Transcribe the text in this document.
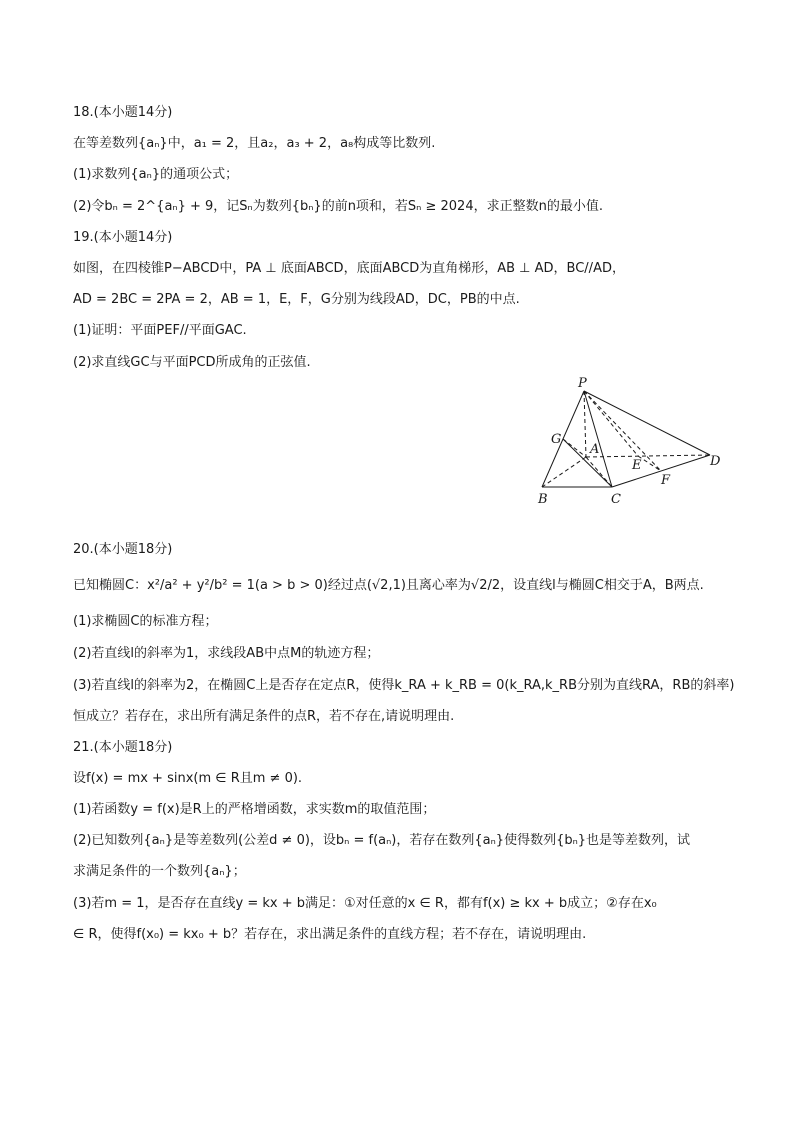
18.(本小题14分)
在等差数列{aₙ}中，a₁ = 2，且a₂，a₃ + 2，a₈构成等比数列.
(1)求数列{aₙ}的通项公式；
(2)令bₙ = 2^{aₙ} + 9，记Sₙ为数列{bₙ}的前n项和，若Sₙ ≥ 2024，求正整数n的最小值.
19.(本小题14分)
如图，在四棱锥P−ABCD中，PA ⊥ 底面ABCD，底面ABCD为直角梯形，AB ⊥ AD，BC//AD，
AD = 2BC = 2PA = 2，AB = 1，E，F，G分别为线段AD，DC，PB的中点.
(1)证明：平面PEF//平面GAC.
(2)求直线GC与平面PCD所成角的正弦值.
P
G
A
E	D
F
B	C
20.(本小题18分)
已知椭圆C：x²/a² + y²/b² = 1(a > b > 0)经过点(√2,1)且离心率为√2/2，设直线l与椭圆C相交于A，B两点.
(1)求椭圆C的标准方程；
(2)若直线l的斜率为1，求线段AB中点M的轨迹方程；
(3)若直线l的斜率为2，在椭圆C上是否存在定点R，使得k_RA + k_RB = 0(k_RA,k_RB分别为直线RA，RB的斜率)
恒成立？若存在，求出所有满足条件的点R，若不存在,请说明理由.
21.(本小题18分)
设f(x) = mx + sinx(m ∈ R且m ≠ 0).
(1)若函数y = f(x)是R上的严格增函数，求实数m的取值范围；
(2)已知数列{aₙ}是等差数列(公差d ≠ 0)，设bₙ = f(aₙ)，若存在数列{aₙ}使得数列{bₙ}也是等差数列，试
求满足条件的一个数列{aₙ}；
(3)若m = 1，是否存在直线y = kx + b满足：①对任意的x ∈ R，都有f(x) ≥ kx + b成立；②存在x₀
∈ R，使得f(x₀) = kx₀ + b？若存在，求出满足条件的直线方程；若不存在，请说明理由.
